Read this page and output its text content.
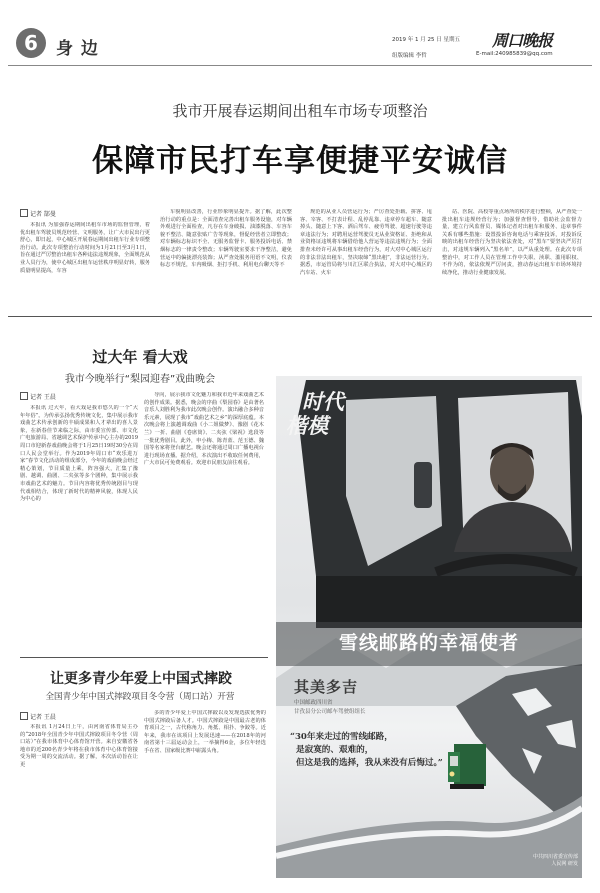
6	身 边	2019 年 1 月 25 日 星期五 周口晚报
组版编辑 李哲	E-mail:240985839@qq.com
我市开展春运期间出租车市场专项整治
保障市民打车享便捷平安诚信
记者 郜曼

本报讯 为加强春运期间出租车市场的监督管理，着优出租车驾驶员规范经营、文明服务，让广大市民出行更舒心，即日起，中心城区开展春运期间出租车行业专项整治行动。此次专项整治行动时间为1月21日至3月1日，旨在通过严厉整治出租车各种违法违规现象，全面规范从业人员行为，使中心城区出租车运营秩序明显好转，服务质量明显提高，车容

车貌明显改善，行业形象明显提升。据了解，此次整治行动的重点是：全面清查完善出租车服务设施，对车辆外观进行全面检查，凡存在车身破损、油漆脱落、车容车貌不整洁、随意张贴广告等现象，督促经营者立即整改；对车辆标志标识不全、无服务监督卡、服务投诉电话、禁烟标志的一律责令整改；车辆驾驶室要求干净整洁，避免营运中的偏拢漂亮装饰；从严查处服务用语不文明，仪表标志不规范，车内吸烟、拒打手机、利用电台聊天等不

规范的从业人员营运行为；严厉查处拒载、拼客、甩客、宰客、不打表计程、乱停乱靠、违章停车超车、随意掉头、随意上下客、酒后驾车、疲劳驾驶、超速行驶等违章违法行为；对聘用运营驾驶员无从业资格证、拒绝和从业资格证违规将车辆借给他人营运等违法违规行为；全面排查未经许可从事出租车经营行为，对大对中心城区运行的非法非法出租车，坚决取缔“黑出租”，非法运营行为。据悉，市运管局将与川汇区联合执法，对大对中心城区的汽车站、火车

站、医院、高校等重点场所的秩序进行整顿，从严查处一批出租车违规经营行为；加强督查督导，借助社会监督力量，建立行风监督员、媒体记者对出租车和服务、违章事件关系有哪些措施：设置投诉咨询电话与乘客投诉，对投诉反映的出租车经营行为坚决依法查处，对“黑车”要坚决严厉打击，对违规车辆列入“黑名单”，以严从重处理。在此次专项整治中，对工作人员在管理工作中失职、渎职、滥用职权、不作为的，依法依规严厉问责，推动春运出租车市场环境持续净化，推动行业健康发展。

过大年 看大戏
我市今晚举行“梨园迎春”戏曲晚会
记者 王晨

本报讯 过大年，看大戏是我市悠久的一个“大年年俗”。为传承弘扬优秀传统文化，集中展示我市戏曲艺术传承创新的丰硕成果和人才辈出的喜人景象，在新春佳节来临之际，由市委宣传部、市文化广电旅游局、省越调艺术保护传承中心主办的2019周口市迎新春戏曲晚会将于1月25日19时30分在周口人民会堂举行。作为2019年周口市“欢乐进万家”春节文化活动的组成部分，今年的戏曲晚会经过精心策划，节目质量上乘，阵容强大，汇集了豫剧、越调、曲剧、二夹弦等多个剧种，集中展示我市戏曲艺术的魅力。节目内容将优秀传统剧目与现代戏相结合，体现了新时代的精神风貌，体现人民为中心的

导向，展示我市文化魅力和我市近年来戏曲艺术的创作成果。据悉，晚会的序曲《梨园春》是由著名音乐人刘胜利为我市此次晚会创作。演出融合多种音乐元素，展现了我市“戏曲艺术之乡”的深厚底蕴。本次晚会将上演越调戏曲《小二姐做梦》、豫剧《花木兰》一折、曲剧《卷席筒》、二夹弦《梁祝》选段等一批优秀剧目。此外，申小梅、陈青蓝、范玉德、魏国等名家将登台献艺。晚会还将通过周口广播电视台进行现场直播。据介绍，本次演出不收取任何费用，广大市民可免费观看。欢迎市民朋友前往观看。

让更多青少年爱上中国式摔跤
全国青少年中国式摔跤项目冬令营（周口站）开营
记者 王晨

本报讯 1月24日上午，由河南省体育局主办的“2018年全国青少年中国式摔跤项目冬令营（周口站）”在我市体育中心体育馆开营。来自安徽省各地市的近200名青少年将在我市体育中心体育馆接受为期一周的交流活动。据了解，本次活动旨在让更

多的青少年爱上中国式摔跤以及发现选拔优秀的中国式摔跤后备人才。中国式摔跤是中国最古老的体育项目之一，古代称角力、角抵、相扑、争跤等。近年来，我市在该项目上发展迅速——在2018年的河南省第十三届运动会上，一举摘得6金，多位年轻选手在省、国家级比赛中崭露头角。

时代
楷模
雪线邮路的幸福使者
其美多吉
中国邮政四川省
甘孜县分公司邮车驾驶组组长
“30年来走过的雪线邮路，
是寂寞的、艰难的，
但这是我的选择，我从来没有后悔过。”
中共四川省委宣传部
人民网 研发
